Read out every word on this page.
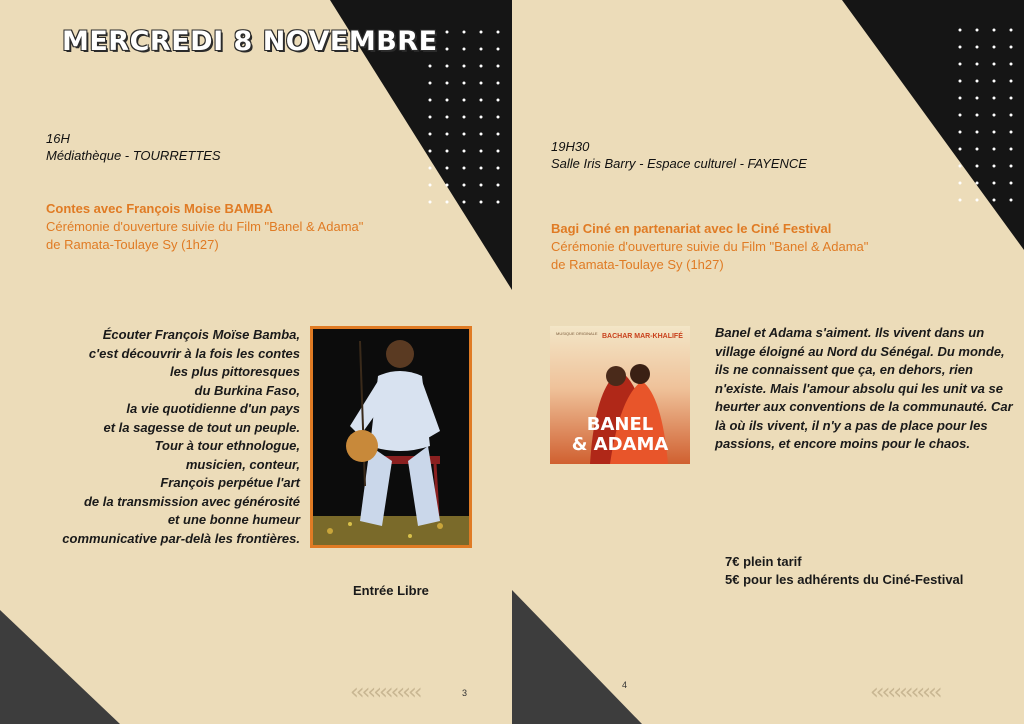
MERCREDI 8 NOVEMBRE
16H
Médiathèque - TOURRETTES
Contes avec François Moise BAMBA
Cérémonie d'ouverture suivie du Film "Banel & Adama"
de Ramata-Toulaye Sy (1h27)
Écouter François Moïse Bamba,
c'est découvrir à la fois les contes
les plus pittoresques
du Burkina Faso,
la vie quotidienne d'un pays
et la sagesse de tout un peuple.
Tour à tour ethnologue,
musicien, conteur,
François perpétue l'art
de la transmission avec générosité
et une bonne humeur
communicative par-delà les frontières.
Entrée Libre
3
‹‹‹‹‹‹‹‹‹‹‹‹
19H30
Salle Iris Barry - Espace culturel - FAYENCE
Bagi Ciné en partenariat avec le Ciné Festival
Cérémonie d'ouverture suivie du Film "Banel & Adama"
de Ramata-Toulaye Sy (1h27)
MUSIQUE ORIGINALE BACHAR MAR-KHALIFÉ
BANEL
& ADAMA
Banel et Adama s'aiment. Ils vivent dans un village éloigné au Nord du Sénégal. Du monde, ils ne connaissent que ça, en dehors, rien n'existe. Mais l'amour absolu qui les unit va se heurter aux conventions de la communauté. Car là où ils vivent, il n'y a pas de place pour les passions, et encore moins pour le chaos.
7€ plein tarif
5€ pour les adhérents du Ciné-Festival
4	‹‹‹‹‹‹‹‹‹‹‹‹
